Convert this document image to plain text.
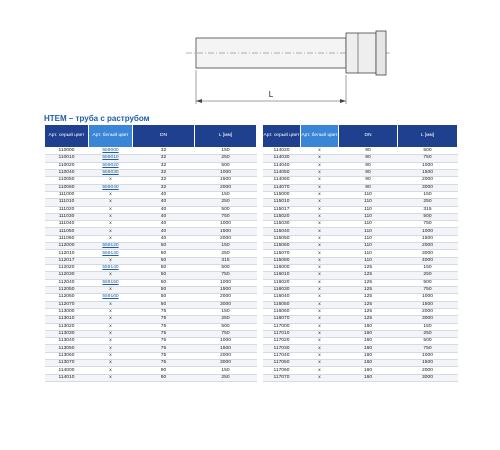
L
НТЕМ – труба с раструбом
Арт. серый цвет	Арт. белый цвет	DN	L [мм]
110000	559000	32	150
110010	559010	32	250
110020	559020	32	500
110040	559030	32	1000
110050	x	32	1500
110060	559040	32	2000
111000	x	40	150
111010	x	40	250
111020	x	40	500
111030	x	40	750
111040	x	40	1000
111050	x	40	1500
111060	x	40	2000
112000	559120	50	150
112010	559130	50	250
112017	x	50	315
112020	559140	50	500
112030	x	50	750
112040	559150	50	1000
112050	x	50	1500
112060	559160	50	2000
112070	x	50	3000
113000	x	75	150
113010	x	75	250
113020	x	75	500
113030	x	75	750
113040	x	75	1000
113050	x	75	1500
113060	x	75	2000
113070	x	75	3000
114000	x	90	150
114010	x	90	250
Арт. серый цвет	Арт. белый цвет	DN	L [мм]
114020	x	90	500
114030	x	90	750
114040	x	90	1000
114050	x	90	1500
114060	x	90	2000
114070	x	90	3000
115000	x	110	150
115010	x	110	250
115017	x	110	315
115020	x	110	500
115030	x	110	750
115040	x	110	1000
115050	x	110	1500
115060	x	110	2000
115070	x	110	3000
115080	x	110	4000
116000	x	125	150
116010	x	125	250
116020	x	125	500
116030	x	125	750
116040	x	125	1000
116050	x	125	1500
116060	x	125	2000
116070	x	125	3000
117000	x	160	150
117010	x	160	250
117020	x	160	500
117030	x	160	750
117040	x	160	1000
117050	x	160	1500
117060	x	160	2000
117070	x	160	3000
